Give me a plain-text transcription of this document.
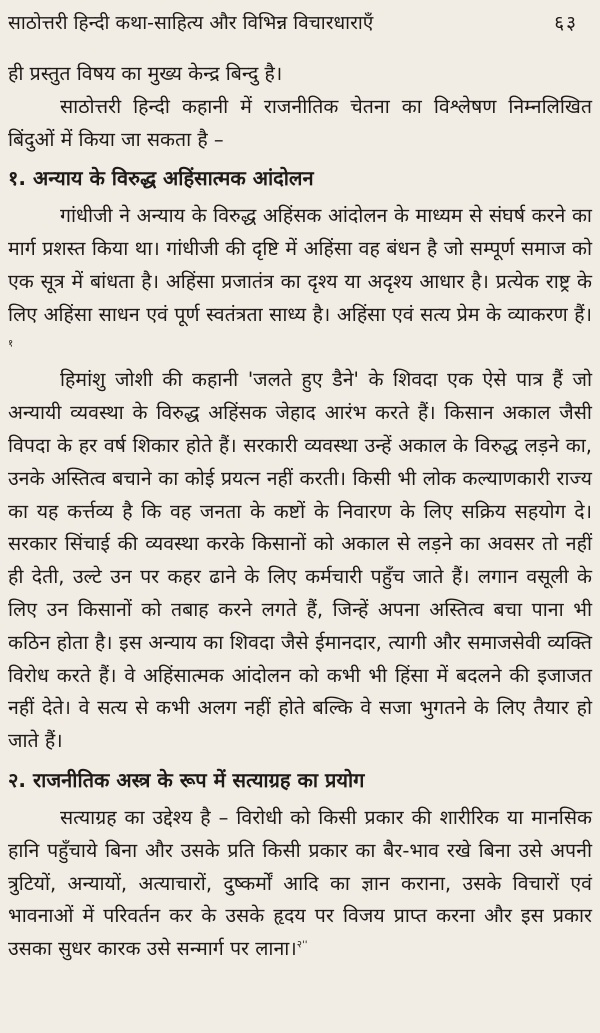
साठोत्तरी हिन्दी कथा-साहित्य और विभिन्न विचारधाराएँ	६३

ही प्रस्तुत विषय का मुख्य केन्द्र बिन्दु है।

साठोत्तरी हिन्दी कहानी में राजनीतिक चेतना का विश्लेषण निम्नलिखित बिंदुओं में किया जा सकता है –

१. अन्याय के विरुद्ध अहिंसात्मक आंदोलन

गांधीजी ने अन्याय के विरुद्ध अहिंसक आंदोलन के माध्यम से संघर्ष करने का मार्ग प्रशस्त किया था। गांधीजी की दृष्टि में अहिंसा वह बंधन है जो सम्पूर्ण समाज को एक सूत्र में बांधता है। अहिंसा प्रजातंत्र का दृश्य या अदृश्य आधार है। प्रत्येक राष्ट्र के लिए अहिंसा साधन एवं पूर्ण स्वतंत्रता साध्य है। अहिंसा एवं सत्य प्रेम के व्याकरण हैं।$^१$

हिमांशु जोशी की कहानी 'जलते हुए डैने' के शिवदा एक ऐसे पात्र हैं जो अन्यायी व्यवस्था के विरुद्ध अहिंसक जेहाद आरंभ करते हैं। किसान अकाल जैसी विपदा के हर वर्ष शिकार होते हैं। सरकारी व्यवस्था उन्हें अकाल के विरुद्ध लड़ने का, उनके अस्तित्व बचाने का कोई प्रयत्न नहीं करती। किसी भी लोक कल्याणकारी राज्य का यह कर्त्तव्य है कि वह जनता के कष्टों के निवारण के लिए सक्रिय सहयोग दे। सरकार सिंचाई की व्यवस्था करके किसानों को अकाल से लड़ने का अवसर तो नहीं ही देती, उल्टे उन पर कहर ढाने के लिए कर्मचारी पहुँच जाते हैं। लगान वसूली के लिए उन किसानों को तबाह करने लगते हैं, जिन्हें अपना अस्तित्व बचा पाना भी कठिन होता है। इस अन्याय का शिवदा जैसे ईमानदार, त्यागी और समाजसेवी व्यक्ति विरोध करते हैं। वे अहिंसात्मक आंदोलन को कभी भी हिंसा में बदलने की इजाजत नहीं देते। वे सत्य से कभी अलग नहीं होते बल्कि वे सजा भुगतने के लिए तैयार हो जाते हैं।

२. राजनीतिक अस्त्र के रूप में सत्याग्रह का प्रयोग

सत्याग्रह का उद्देश्य है – विरोधी को किसी प्रकार की शारीरिक या मानसिक हानि पहुँचाये बिना और उसके प्रति किसी प्रकार का बैर-भाव रखे बिना उसे अपनी त्रुटियों, अन्यायों, अत्याचारों, दुष्कर्मों आदि का ज्ञान कराना, उसके विचारों एवं भावनाओं में परिवर्तन कर के उसके हृदय पर विजय प्राप्त करना और इस प्रकार उसका सुधर कारक उसे सन्मार्ग पर लाना।$^{२''}$
